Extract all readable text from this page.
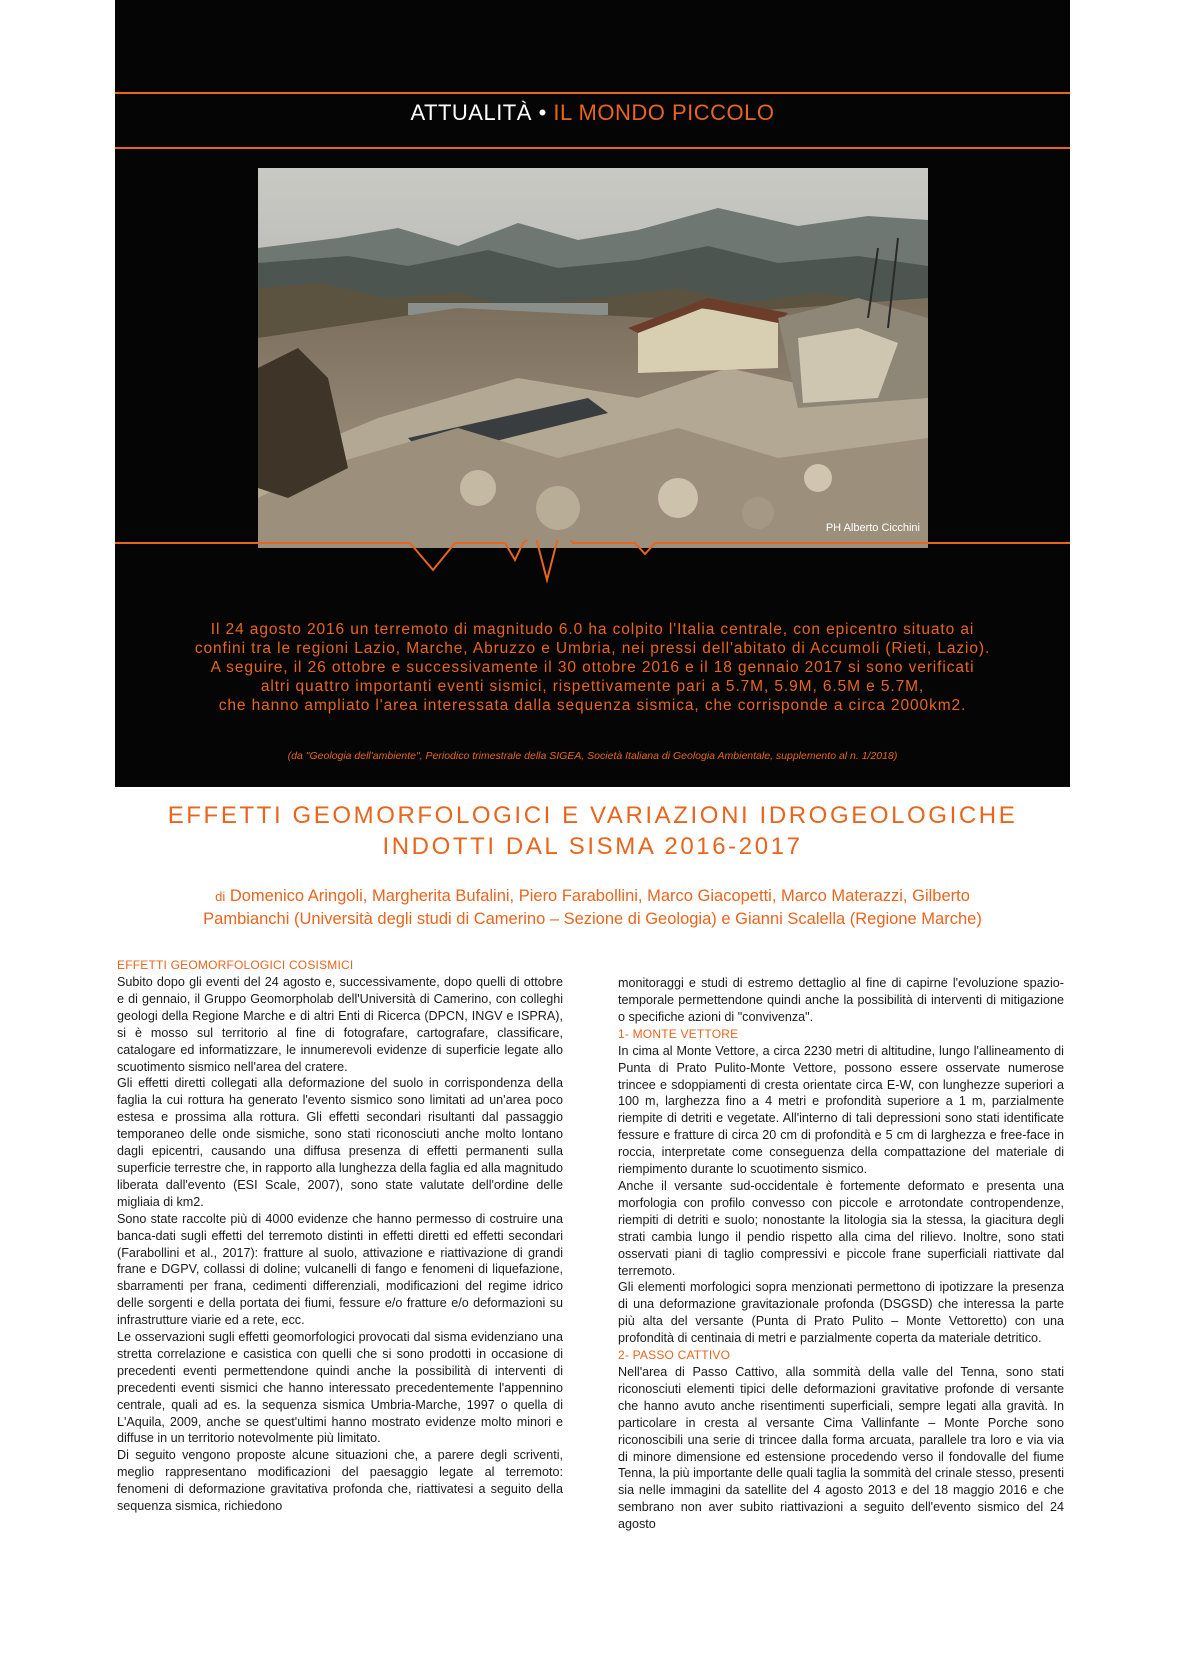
ATTUALITÀ • IL MONDO PICCOLO
PH Alberto Cicchini

Il 24 agosto 2016 un terremoto di magnitudo 6.0 ha colpito l'Italia centrale, con epicentro situato ai

confini tra le regioni Lazio, Marche, Abruzzo e Umbria, nei pressi dell'abitato di Accumoli (Rieti, Lazio).

A seguire, il 26 ottobre e successivamente il 30 ottobre 2016 e il 18 gennaio 2017 si sono verificati

altri quattro importanti eventi sismici, rispettivamente pari a 5.7M, 5.9M, 6.5M e 5.7M,

che hanno ampliato l'area interessata dalla sequenza sismica, che corrisponde a circa 2000km2.

(da "Geologia dell'ambiente", Periodico trimestrale della SIGEA, Società Italiana di Geologia Ambientale, supplemento al n. 1/2018)
EFFETTI GEOMORFOLOGICI E VARIAZIONI IDROGEOLOGICHE
INDOTTI DAL SISMA 2016-2017
di Domenico Aringoli, Margherita Bufalini, Piero Farabollini, Marco Giacopetti, Marco Materazzi, Gilberto
Pambianchi (Università degli studi di Camerino – Sezione di Geologia) e Gianni Scalella (Regione Marche)
EFFETTI GEOMORFOLOGICI COSISMICI

Subito dopo gli eventi del 24 agosto e, successivamente, dopo quelli di ottobre e di gennaio, il Gruppo Geomorpholab dell'Università di Camerino, con colleghi geologi della Regione Marche e di altri Enti di Ricerca (DPCN, INGV e ISPRA), si è mosso sul territorio al fine di fotografare, cartografare, classificare, catalogare ed informatizzare, le innumerevoli evidenze di superficie legate allo scuotimento sismico nell'area del cratere.

Gli effetti diretti collegati alla deformazione del suolo in corrispondenza della faglia la cui rottura ha generato l'evento sismico sono limitati ad un'area poco estesa e prossima alla rottura. Gli effetti secondari risultanti dal passaggio temporaneo delle onde sismiche, sono stati riconosciuti anche molto lontano dagli epicentri, causando una diffusa presenza di effetti permanenti sulla superficie terrestre che, in rapporto alla lunghezza della faglia ed alla magnitudo liberata dall'evento (ESI Scale, 2007), sono state valutate dell'ordine delle migliaia di km2.

Sono state raccolte più di 4000 evidenze che hanno permesso di costruire una banca-dati sugli effetti del terremoto distinti in effetti diretti ed effetti secondari (Farabollini et al., 2017): fratture al suolo, attivazione e riattivazione di grandi frane e DGPV, collassi di doline; vulcanelli di fango e fenomeni di liquefazione, sbarramenti per frana, cedimenti differenziali, modificazioni del regime idrico delle sorgenti e della portata dei fiumi, fessure e/o fratture e/o deformazioni su infrastrutture viarie ed a rete, ecc.

Le osservazioni sugli effetti geomorfologici provocati dal sisma evidenziano una stretta correlazione e casistica con quelli che si sono prodotti in occasione di precedenti eventi permettendone quindi anche la possibilità di interventi di precedenti eventi sismici che hanno interessato precedentemente l'appennino centrale, quali ad es. la sequenza sismica Umbria-Marche, 1997 o quella di L'Aquila, 2009, anche se quest'ultimi hanno mostrato evidenze molto minori e diffuse in un territorio notevolmente più limitato.

Di seguito vengono proposte alcune situazioni che, a parere degli scriventi, meglio rappresentano modificazioni del paesaggio legate al terremoto: fenomeni di deformazione gravitativa profonda che, riattivatesi a seguito della sequenza sismica, richiedono

monitoraggi e studi di estremo dettaglio al fine di capirne l'evoluzione spazio-temporale permettendone quindi anche la possibilità di interventi di mitigazione o specifiche azioni di "convivenza".

1- MONTE VETTORE

In cima al Monte Vettore, a circa 2230 metri di altitudine, lungo l'allineamento di Punta di Prato Pulito-Monte Vettore, possono essere osservate numerose trincee e sdoppiamenti di cresta orientate circa E-W, con lunghezze superiori a 100 m, larghezza fino a 4 metri e profondità superiore a 1 m, parzialmente riempite di detriti e vegetate. All'interno di tali depressioni sono stati identificate fessure e fratture di circa 20 cm di profondità e 5 cm di larghezza e free-face in roccia, interpretate come conseguenza della compattazione del materiale di riempimento durante lo scuotimento sismico.

Anche il versante sud-occidentale è fortemente deformato e presenta una morfologia con profilo convesso con piccole e arrotondate contropendenze, riempiti di detriti e suolo; nonostante la litologia sia la stessa, la giacitura degli strati cambia lungo il pendio rispetto alla cima del rilievo. Inoltre, sono stati osservati piani di taglio compressivi e piccole frane superficiali riattivate dal terremoto.

Gli elementi morfologici sopra menzionati permettono di ipotizzare la presenza di una deformazione gravitazionale profonda (DSGSD) che interessa la parte più alta del versante (Punta di Prato Pulito – Monte Vettoretto) con una profondità di centinaia di metri e parzialmente coperta da materiale detritico.

2- PASSO CATTIVO

Nell'area di Passo Cattivo, alla sommità della valle del Tenna, sono stati riconosciuti elementi tipici delle deformazioni gravitative profonde di versante che hanno avuto anche risentimenti superficiali, sempre legati alla gravità. In particolare in cresta al versante Cima Vallinfante – Monte Porche sono riconoscibili una serie di trincee dalla forma arcuata, parallele tra loro e via via di minore dimensione ed estensione procedendo verso il fondovalle del fiume Tenna, la più importante delle quali taglia la sommità del crinale stesso, presenti sia nelle immagini da satellite del 4 agosto 2013 e del 18 maggio 2016 e che sembrano non aver subito riattivazioni a seguito dell'evento sismico del 24 agosto
